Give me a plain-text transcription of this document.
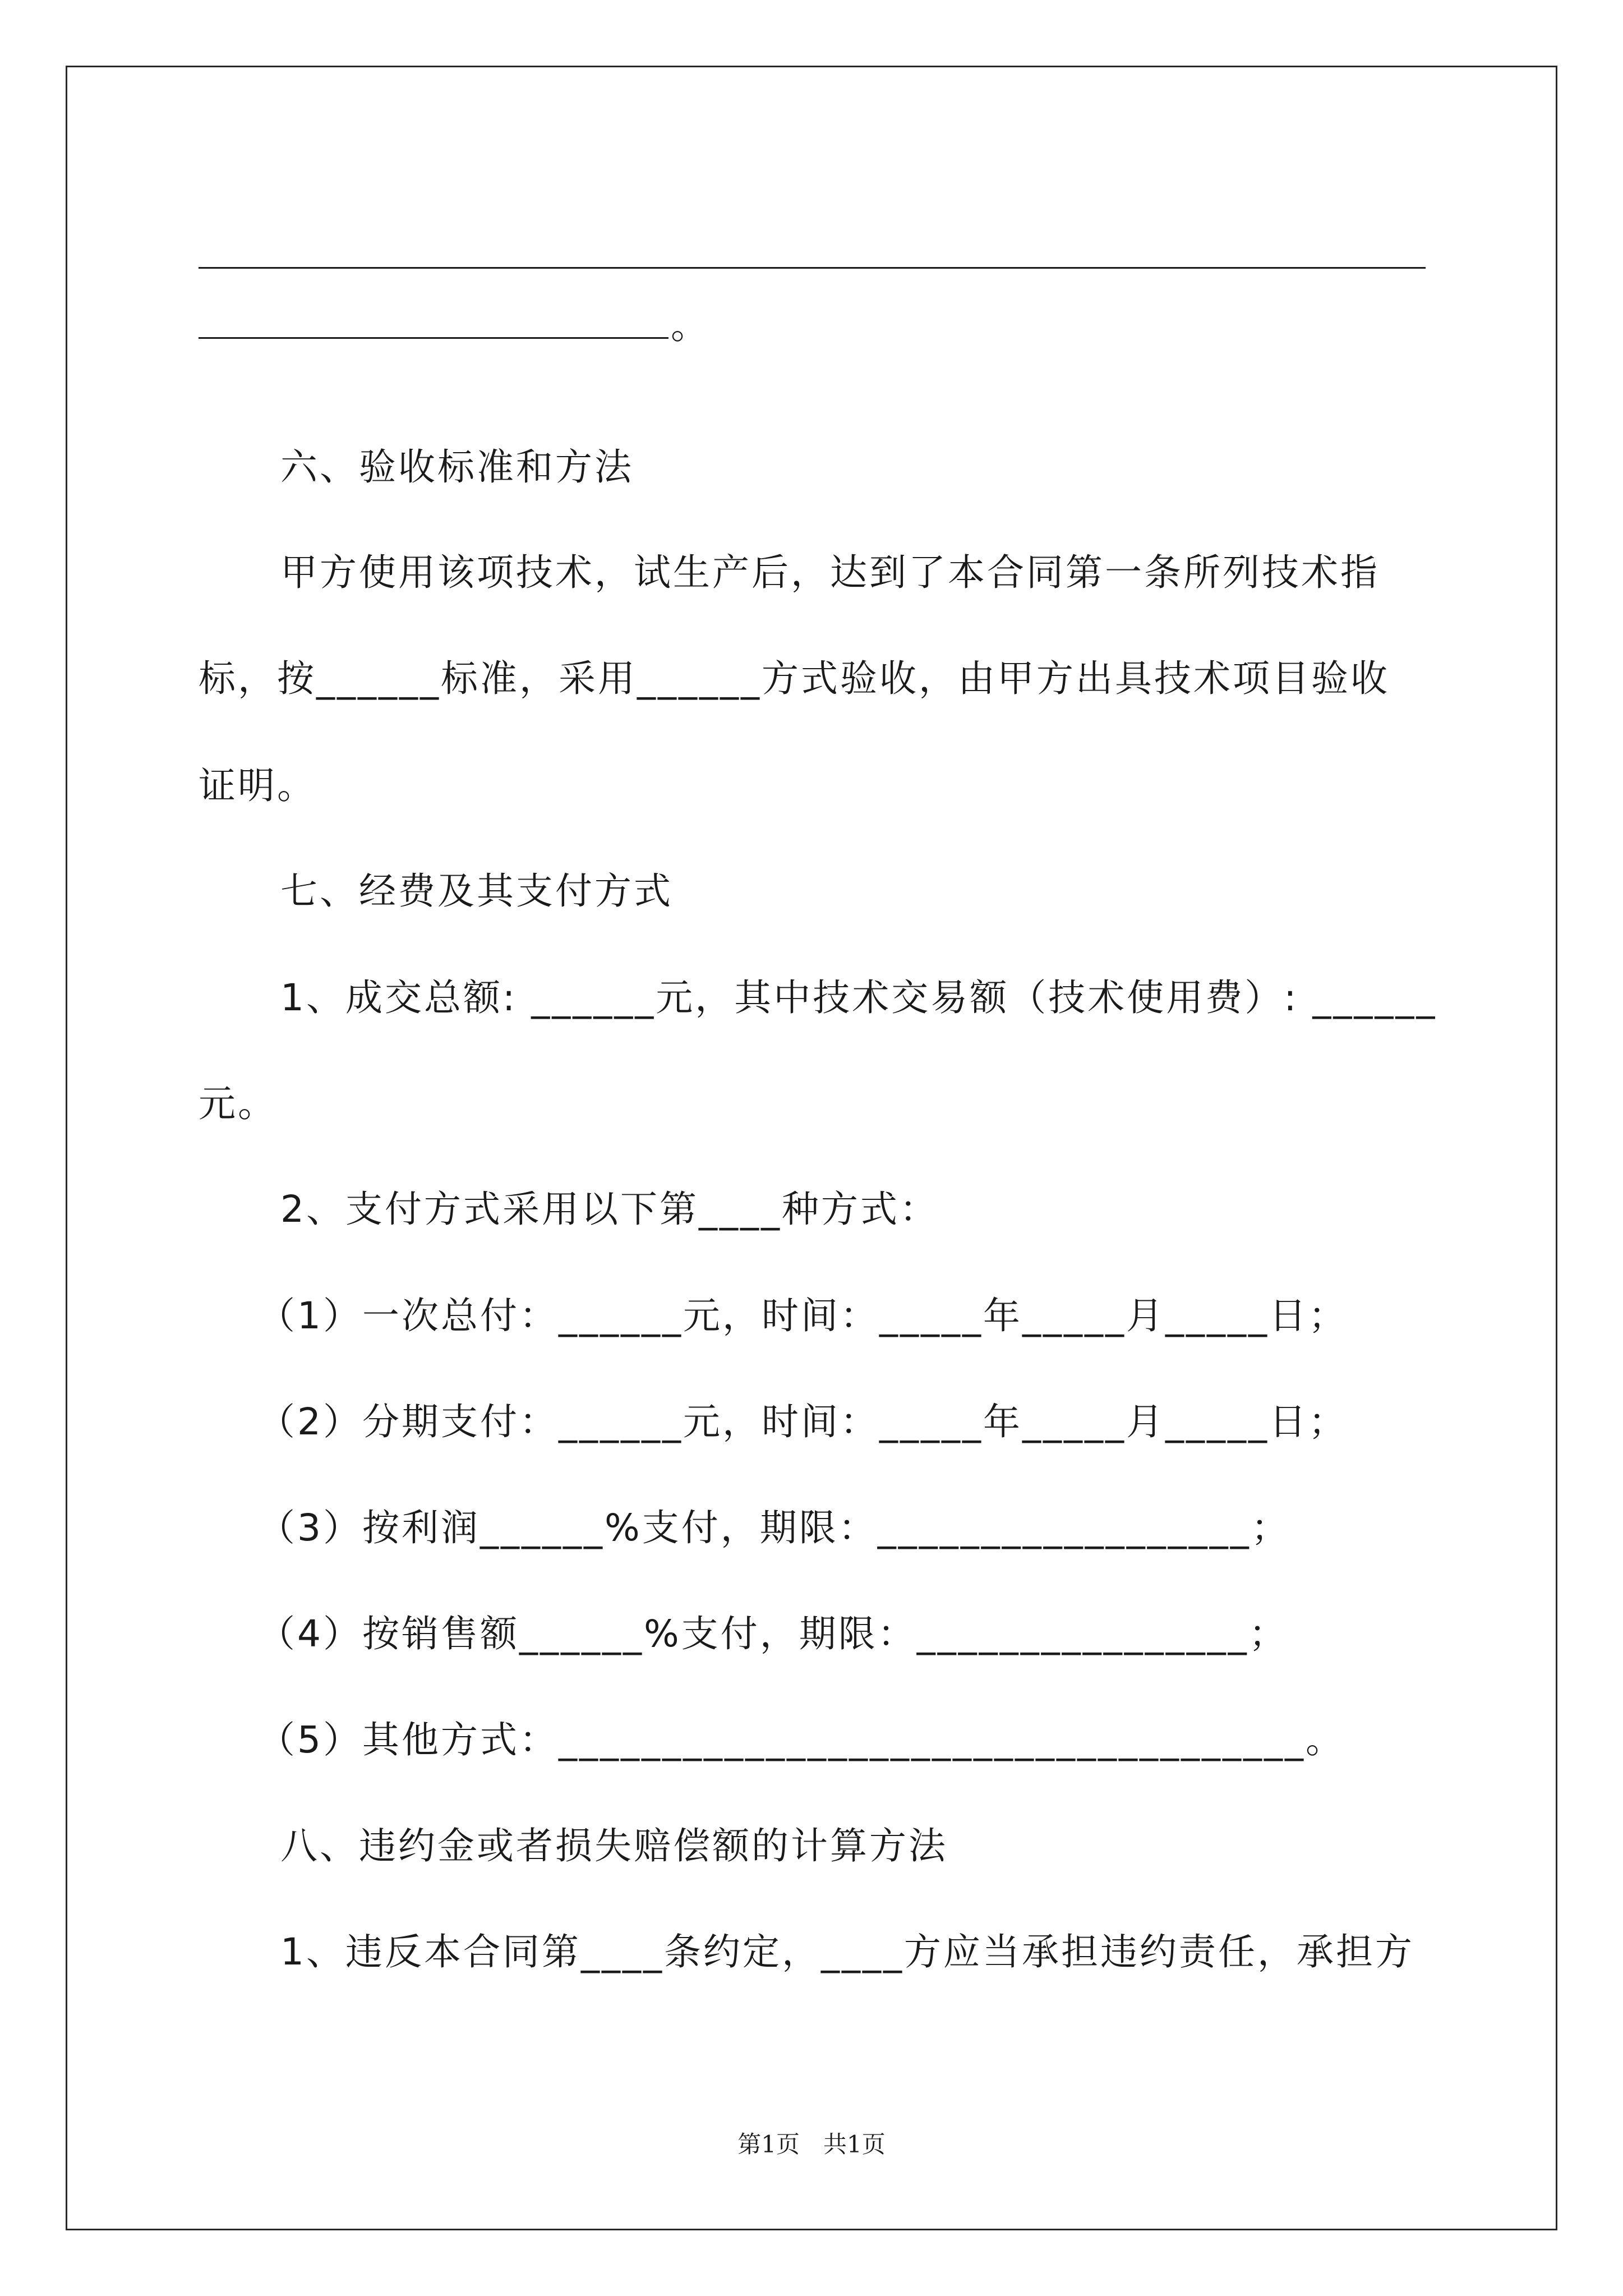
。
六、验收标准和方法
甲方使用该项技术，试生产后，达到了本合同第一条所列技术指
标，按______标准，采用______方式验收，由甲方出具技术项目验收
证明。
七、经费及其支付方式
1、成交总额: ______元，其中技术交易额（技术使用费）: ______
元。
2、支付方式采用以下第____种方式：
（1）一次总付：______元，时间：_____年_____月_____日；
（2）分期支付：______元，时间：_____年_____月_____日；
（3）按利润______%支付，期限：__________________；
（4）按销售额______%支付，期限：________________；
（5）其他方式：____________________________________。
八、违约金或者损失赔偿额的计算方法
1、违反本合同第____条约定，____方应当承担违约责任，承担方
第1页　共1页
